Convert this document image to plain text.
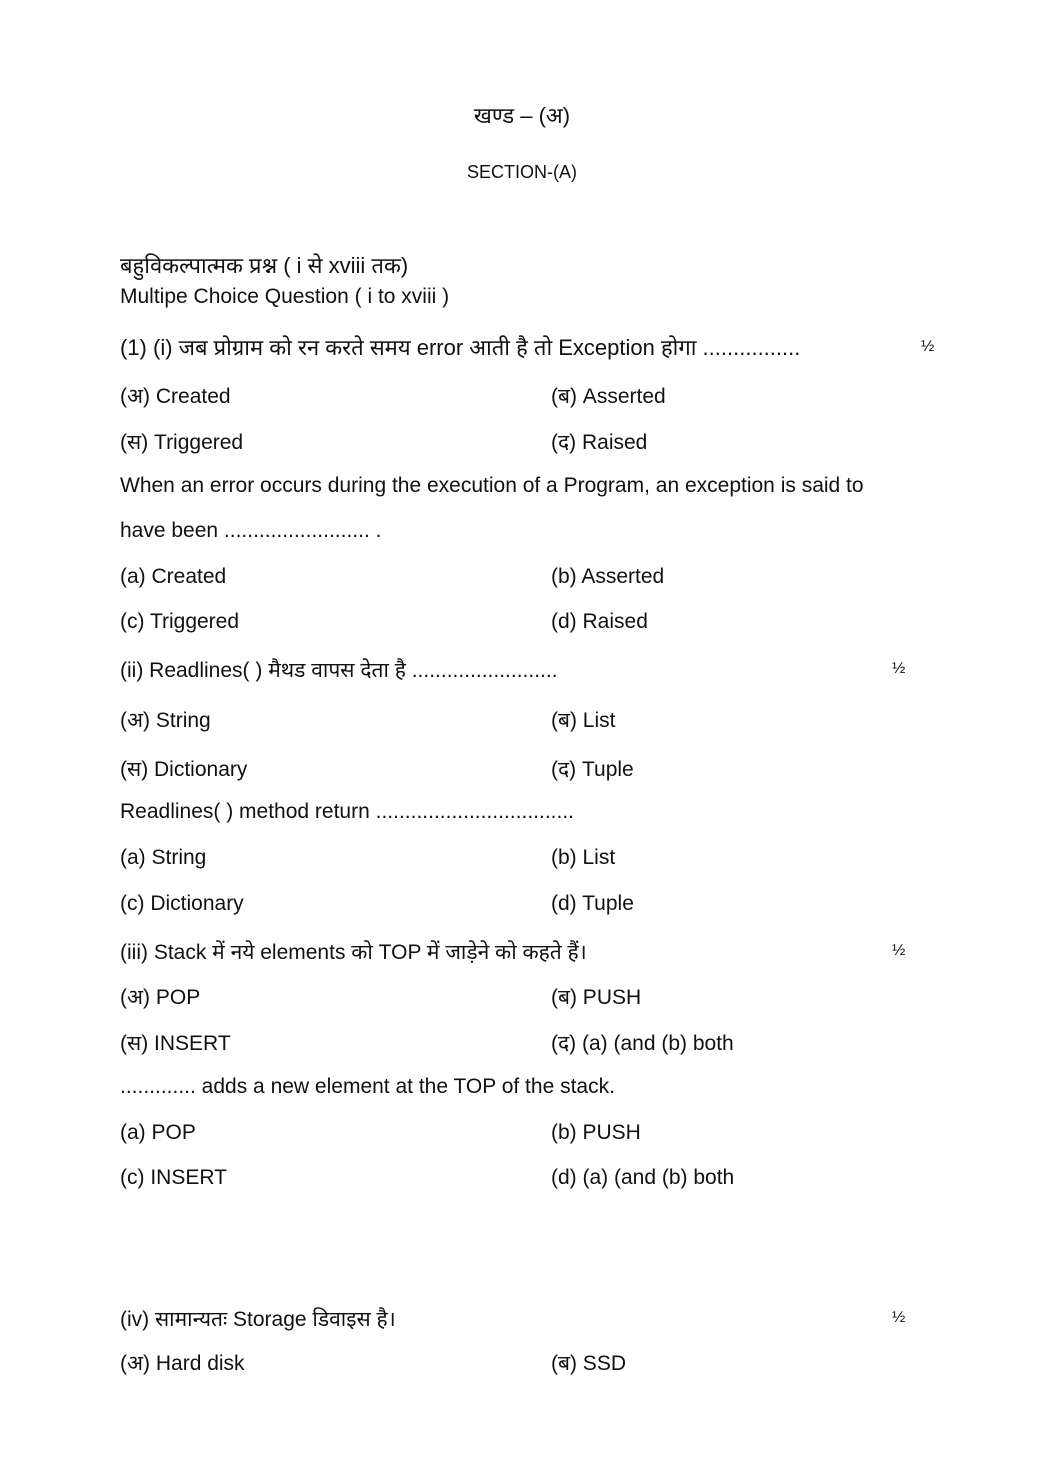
खण्ड – (अ)
SECTION-(A)
बहुविकल्पात्मक प्रश्न ( i से xviii तक)
Multipe Choice Question ( i to xviii )
(1) (i) जब प्रोग्राम को रन करते समय error आती है तो Exception होगा ................	½
(अ) Created	(ब) Asserted
(स) Triggered	(द) Raised
When an error occurs during the execution of a Program, an exception is said to
have been ......................... .
(a) Created	(b) Asserted
(c) Triggered	(d) Raised
(ii) Readlines( ) मैथड वापस देता है .........................	½
(अ) String	(ब) List
(स) Dictionary	(द) Tuple
Readlines( ) method return ..................................
(a) String	(b) List
(c) Dictionary	(d) Tuple
(iii) Stack में नये elements को TOP में जाड़ेने को कहते हैं।	½
(अ) POP	(ब) PUSH
(स) INSERT	(द) (a) (and (b) both
............. adds a new element at the TOP of the stack.
(a) POP	(b) PUSH
(c) INSERT	(d) (a) (and (b) both
(iv) सामान्यतः Storage डिवाइस है।	½
(अ) Hard disk	(ब) SSD
